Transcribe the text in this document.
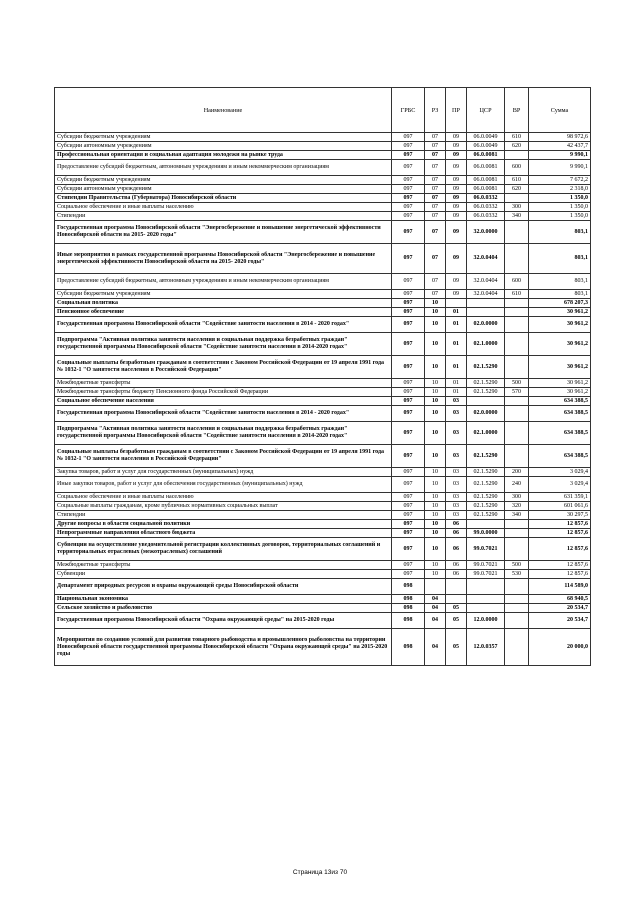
Наименование	ГРБС	РЗ	ПР	ЦСР	ВР	Сумма
Субсидии бюджетным учреждениям	097	07	09	06.0.0049	610	98 972,6
Субсидии автономным учреждениям	097	07	09	06.0.0049	620	42 437,7
Профессиональная ориентация и социальная адаптация молодежи на рынке труда	097	07	09	06.0.0081		9 990,1
Предоставление субсидий бюджетным, автономным учреждениям и иным некоммерческим организациям	097	07	09	06.0.0081	600	9 990,1
Субсидии бюджетным учреждениям	097	07	09	06.0.0081	610	7 672,2
Субсидии автономным учреждениям	097	07	09	06.0.0081	620	2 318,0
Стипендии Правительства (Губернатора) Новосибирской области	097	07	09	06.0.0332		1 350,0
Социальное обеспечение и иные выплаты населению	097	07	09	06.0.0332	300	1 350,0
Стипендии	097	07	09	06.0.0332	340	1 350,0
Государственная программа Новосибирской области "Энергосбережение и повышение энергетической эффективности Новосибирской области на 2015- 2020 годы"	097	07	09	32.0.0000		803,1
Иные мероприятия в рамках государственной программы Новосибирской области "Энергосбережение и повышение энергетической эффективности Новосибирской области на 2015- 2020 годы"	097	07	09	32.0.0404		803,1
Предоставление субсидий бюджетным, автономным учреждениям и иным некоммерческим организациям	097	07	09	32.0.0404	600	803,1
Субсидии бюджетным учреждениям	097	07	09	32.0.0404	610	803,1
Социальная политика	097	10				678 207,3
Пенсионное обеспечение	097	10	01			30 961,2
Государственная программа Новосибирской области "Содействие занятости населения в 2014 - 2020 годах"	097	10	01	02.0.0000		30 961,2
Подпрограмма "Активная политика занятости населения и социальная поддержка безработных граждан" государственной программы Новосибирской области "Содействие занятости населения в 2014-2020 годах"	097	10	01	02.1.0000		30 961,2
Социальные выплаты безработным гражданам в соответствии с Законом Российской Федерации от 19 апреля 1991 года № 1032-1 "О занятости населения в Российской Федерации"	097	10	01	02.1.5290		30 961,2
Межбюджетные трансферты	097	10	01	02.1.5290	500	30 961,2
Межбюджетные трансферты бюджету Пенсионного фонда Российской Федерации	097	10	01	02.1.5290	570	30 961,2
Социальное обеспечение населения	097	10	03			634 388,5
Государственная программа Новосибирской области "Содействие занятости населения в 2014 - 2020 годах"	097	10	03	02.0.0000		634 388,5
Подпрограмма "Активная политика занятости населения и социальная поддержка безработных граждан" государственной программы Новосибирской области "Содействие занятости населения в 2014-2020 годах"	097	10	03	02.1.0000		634 388,5
Социальные выплаты безработным гражданам в соответствии с Законом Российской Федерации от 19 апреля 1991 года № 1032-1 "О занятости населения в Российской Федерации"	097	10	03	02.1.5290		634 388,5
Закупка товаров, работ и услуг для государственных (муниципальных) нужд	097	10	03	02.1.5290	200	3 029,4
Иные закупки товаров, работ и услуг для обеспечения государственных (муниципальных) нужд	097	10	03	02.1.5290	240	3 029,4
Социальное обеспечение и иные выплаты населению	097	10	03	02.1.5290	300	631 359,1
Социальные выплаты гражданам, кроме публичных нормативных социальных выплат	097	10	03	02.1.5290	320	601 061,6
Стипендии	097	10	03	02.1.5290	340	30 297,5
Другие вопросы в области социальной политики	097	10	06			12 857,6
Непрограммные направления областного бюджета	097	10	06	99.0.0000		12 857,6
Субвенции на осуществление уведомительной регистрации коллективных договоров, территориальных соглашений и территориальных отраслевых (межотраслевых) соглашений	097	10	06	99.0.7021		12 857,6
Межбюджетные трансферты	097	10	06	99.0.7021	500	12 857,6
Субвенции	097	10	06	99.0.7021	530	12 857,6
Департамент природных ресурсов и охраны окружающей среды Новосибирской области	098					114 589,0
Национальная экономика	098	04				68 940,5
Сельское хозяйство и рыболовство	098	04	05			20 534,7
Государственная программа Новосибирской области "Охрана окружающей среды" на 2015-2020 годы	098	04	05	12.0.0000		20 534,7
Мероприятия по созданию условий для развития товарного рыбоводства и промышленного рыболовства на территории Новосибирской области государственной программы Новосибирской области "Охрана окружающей среды" на 2015-2020 годы	098	04	05	12.0.0357		20 000,0
Страница 13из 70
